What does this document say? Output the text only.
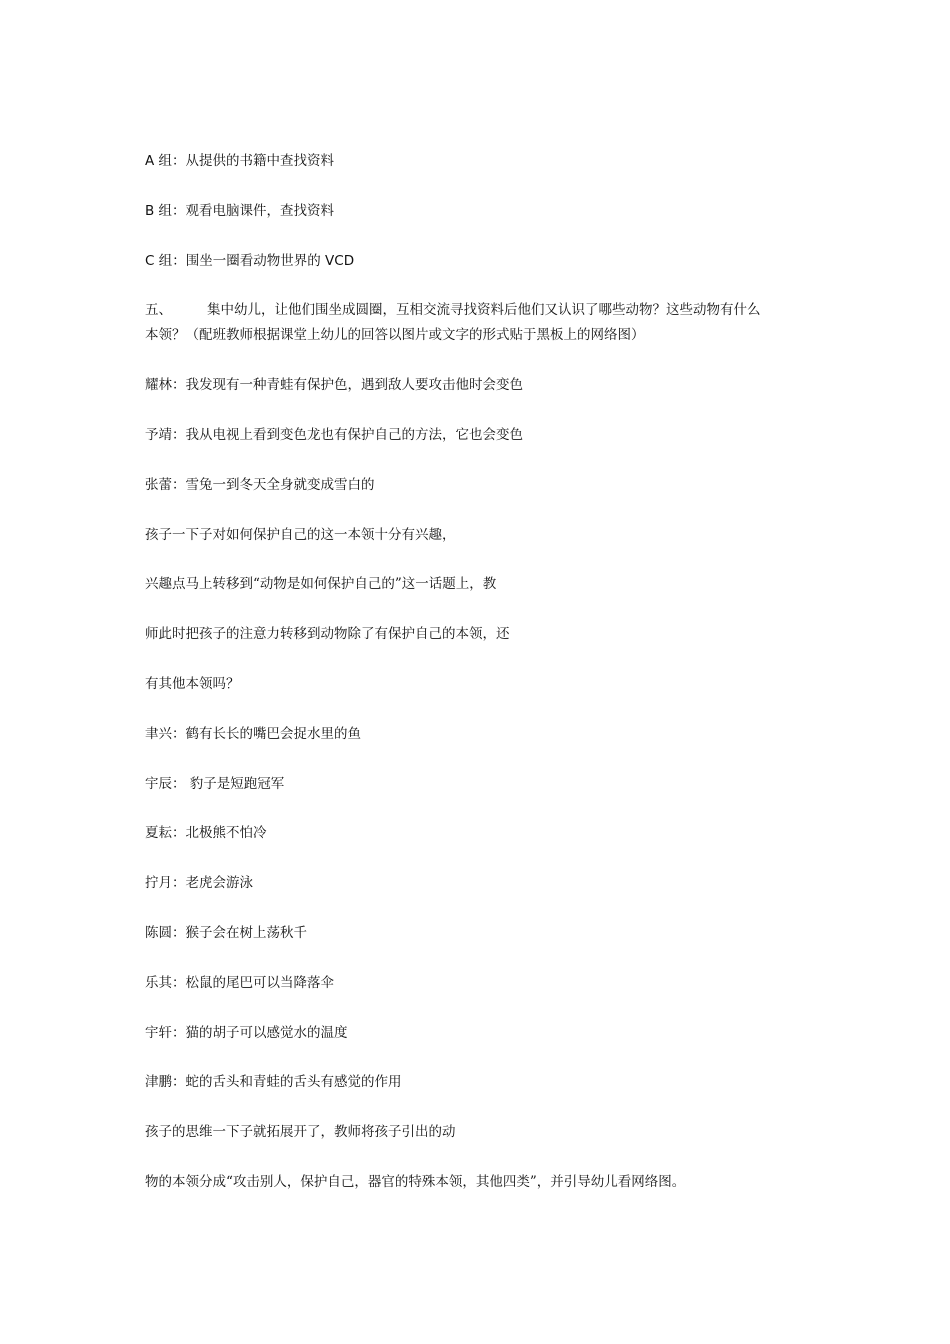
A 组：从提供的书籍中查找资料
B 组：观看电脑课件，查找资料
C 组：围坐一圈看动物世界的 VCD
五、	集中幼儿，让他们围坐成圆圈，互相交流寻找资料后他们又认识了哪些动物？这些动物有什么
本领？（配班教师根据课堂上幼儿的回答以图片或文字的形式贴于黑板上的网络图）
耀林：我发现有一种青蛙有保护色，遇到敌人要攻击他时会变色
予靖：我从电视上看到变色龙也有保护自己的方法，它也会变色
张蕾：雪兔一到冬天全身就变成雪白的
孩子一下子对如何保护自己的这一本领十分有兴趣，
兴趣点马上转移到“动物是如何保护自己的”这一话题上，教
师此时把孩子的注意力转移到动物除了有保护自己的本领，还
有其他本领吗？
聿兴：鹤有长长的嘴巴会捉水里的鱼
宇辰： 豹子是短跑冠军
夏耘：北极熊不怕冷
拧月：老虎会游泳
陈圆：猴子会在树上荡秋千
乐其：松鼠的尾巴可以当降落伞
宇轩：猫的胡子可以感觉水的温度
津鹏：蛇的舌头和青蛙的舌头有感觉的作用
孩子的思维一下子就拓展开了，教师将孩子引出的动
物的本领分成“攻击别人，保护自己，器官的特殊本领，其他四类”，并引导幼儿看网络图。
